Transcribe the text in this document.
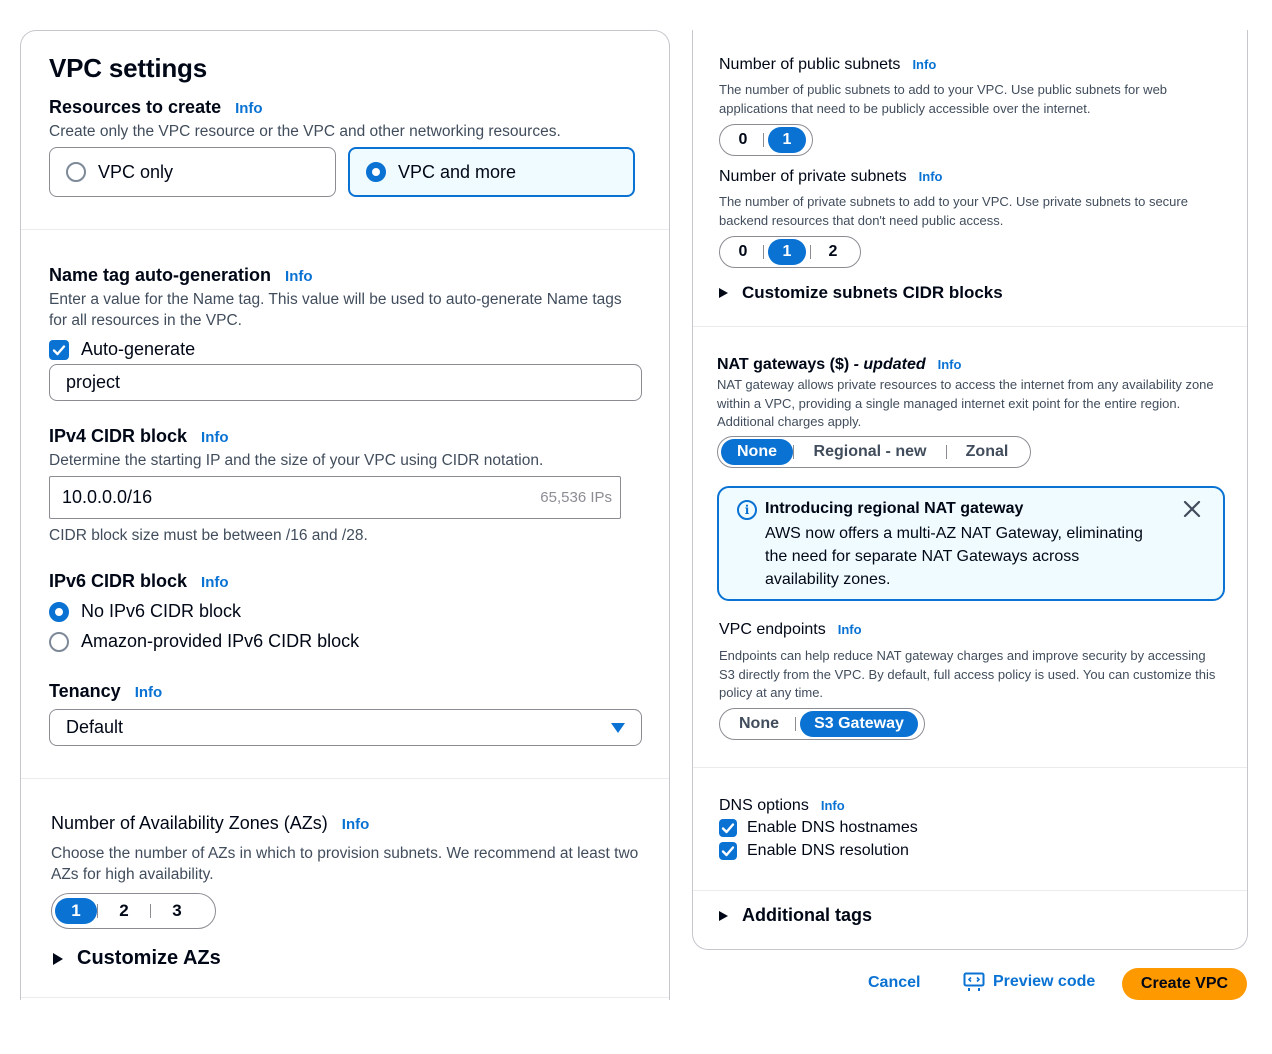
VPC settings
Resources to create Info
Create only the VPC resource or the VPC and other networking resources.
VPC only	VPC and more
Name tag auto-generation Info
Enter a value for the Name tag. This value will be used to auto-generate Name tags for all resources in the VPC.
Auto-generate
project
IPv4 CIDR block Info
Determine the starting IP and the size of your VPC using CIDR notation.
10.0.0.0/16	65,536 IPs
CIDR block size must be between /16 and /28.
IPv6 CIDR block Info
No IPv6 CIDR block
Amazon-provided IPv6 CIDR block
Tenancy Info
Default
Number of Availability Zones (AZs) Info
Choose the number of AZs in which to provision subnets. We recommend at least two AZs for high availability.
1	2	3
Customize AZs
Number of public subnets Info
The number of public subnets to add to your VPC. Use public subnets for web applications that need to be publicly accessible over the internet.
0	1
Number of private subnets Info
The number of private subnets to add to your VPC. Use private subnets to secure backend resources that don't need public access.
0	1	2
Customize subnets CIDR blocks
NAT gateways ($) - updated Info
NAT gateway allows private resources to access the internet from any availability zone within a VPC, providing a single managed internet exit point for the entire region. Additional charges apply.
None	Regional - new	Zonal
i Introducing regional NAT gateway
AWS now offers a multi-AZ NAT Gateway, eliminating the need for separate NAT Gateways across availability zones.
VPC endpoints Info
Endpoints can help reduce NAT gateway charges and improve security by accessing S3 directly from the VPC. By default, full access policy is used. You can customize this policy at any time.
None	S3 Gateway
DNS options Info
Enable DNS hostnames
Enable DNS resolution
Additional tags
Cancel	Preview code	Create VPC
